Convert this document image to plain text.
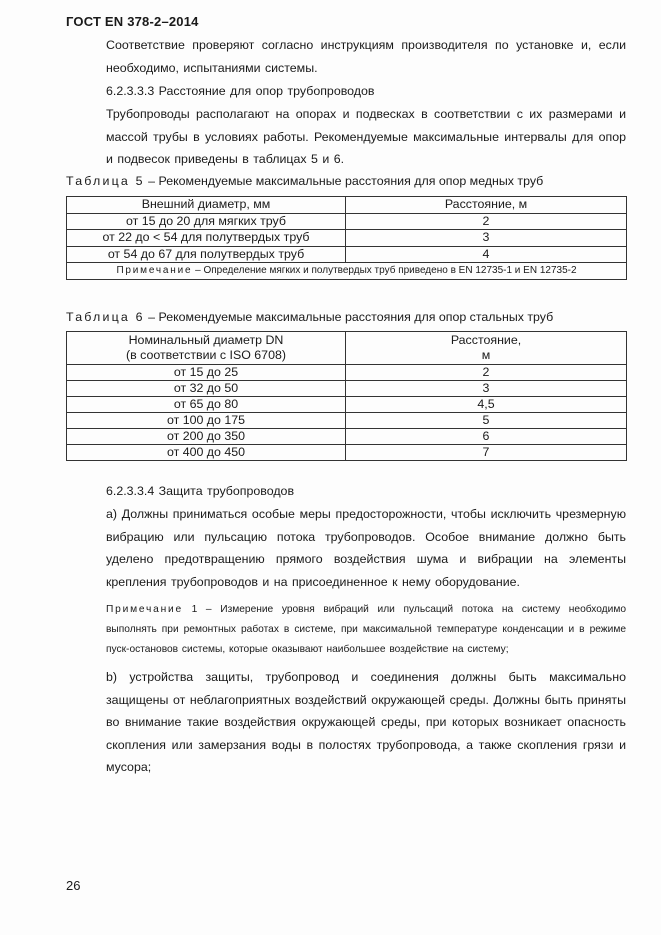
ГОСТ EN 378-2–2014

Соответствие проверяют согласно инструкциям производителя по установке и, если необходимо, испытаниями системы.

6.2.3.3.3 Расстояние для опор трубопроводов

Трубопроводы располагают на опорах и подвесках в соответствии с их размерами и массой трубы в условиях работы. Рекомендуемые максимальные интервалы для опор и подвесок приведены в таблицах 5 и 6.

Таблица 5 – Рекомендуемые максимальные расстояния для опор медных труб
Внешний диаметр, мм	Расстояние, м
от 15 до 20 для мягких труб	2
от 22 до < 54 для полутвердых труб	3
от 54 до 67 для полутвердых труб	4
Примечание – Определение мягких и полутвердых труб приведено в EN 12735-1 и EN 12735-2	
Таблица 6 – Рекомендуемые максимальные расстояния для опор стальных труб
Номинальный диаметр DN
(в соответствии с ISO 6708)	Расстояние,
м
от 15 до 25	2
от 32 до 50	3
от 65 до 80	4,5
от 100 до 175	5
от 200 до 350	6
от 400 до 450	7

6.2.3.3.4 Защита трубопроводов

a) Должны приниматься особые меры предосторожности, чтобы исключить чрезмерную вибрацию или пульсацию потока трубопроводов. Особое внимание должно быть уделено предотвращению прямого воздействия шума и вибрации на элементы крепления трубопроводов и на присоединенное к нему оборудование.

Примечание 1 – Измерение уровня вибраций или пульсаций потока на систему необходимо выполнять при ремонтных работах в системе, при максимальной температуре конденсации и в режиме пуск-остановов системы, которые оказывают наибольшее воздействие на систему;

b) устройства защиты, трубопровод и соединения должны быть максимально защищены от неблагоприятных воздействий окружающей среды. Должны быть приняты во внимание такие воздействия окружающей среды, при которых возникает опасность скопления или замерзания воды в полостях трубопровода, а также скопления грязи и мусора;

26
